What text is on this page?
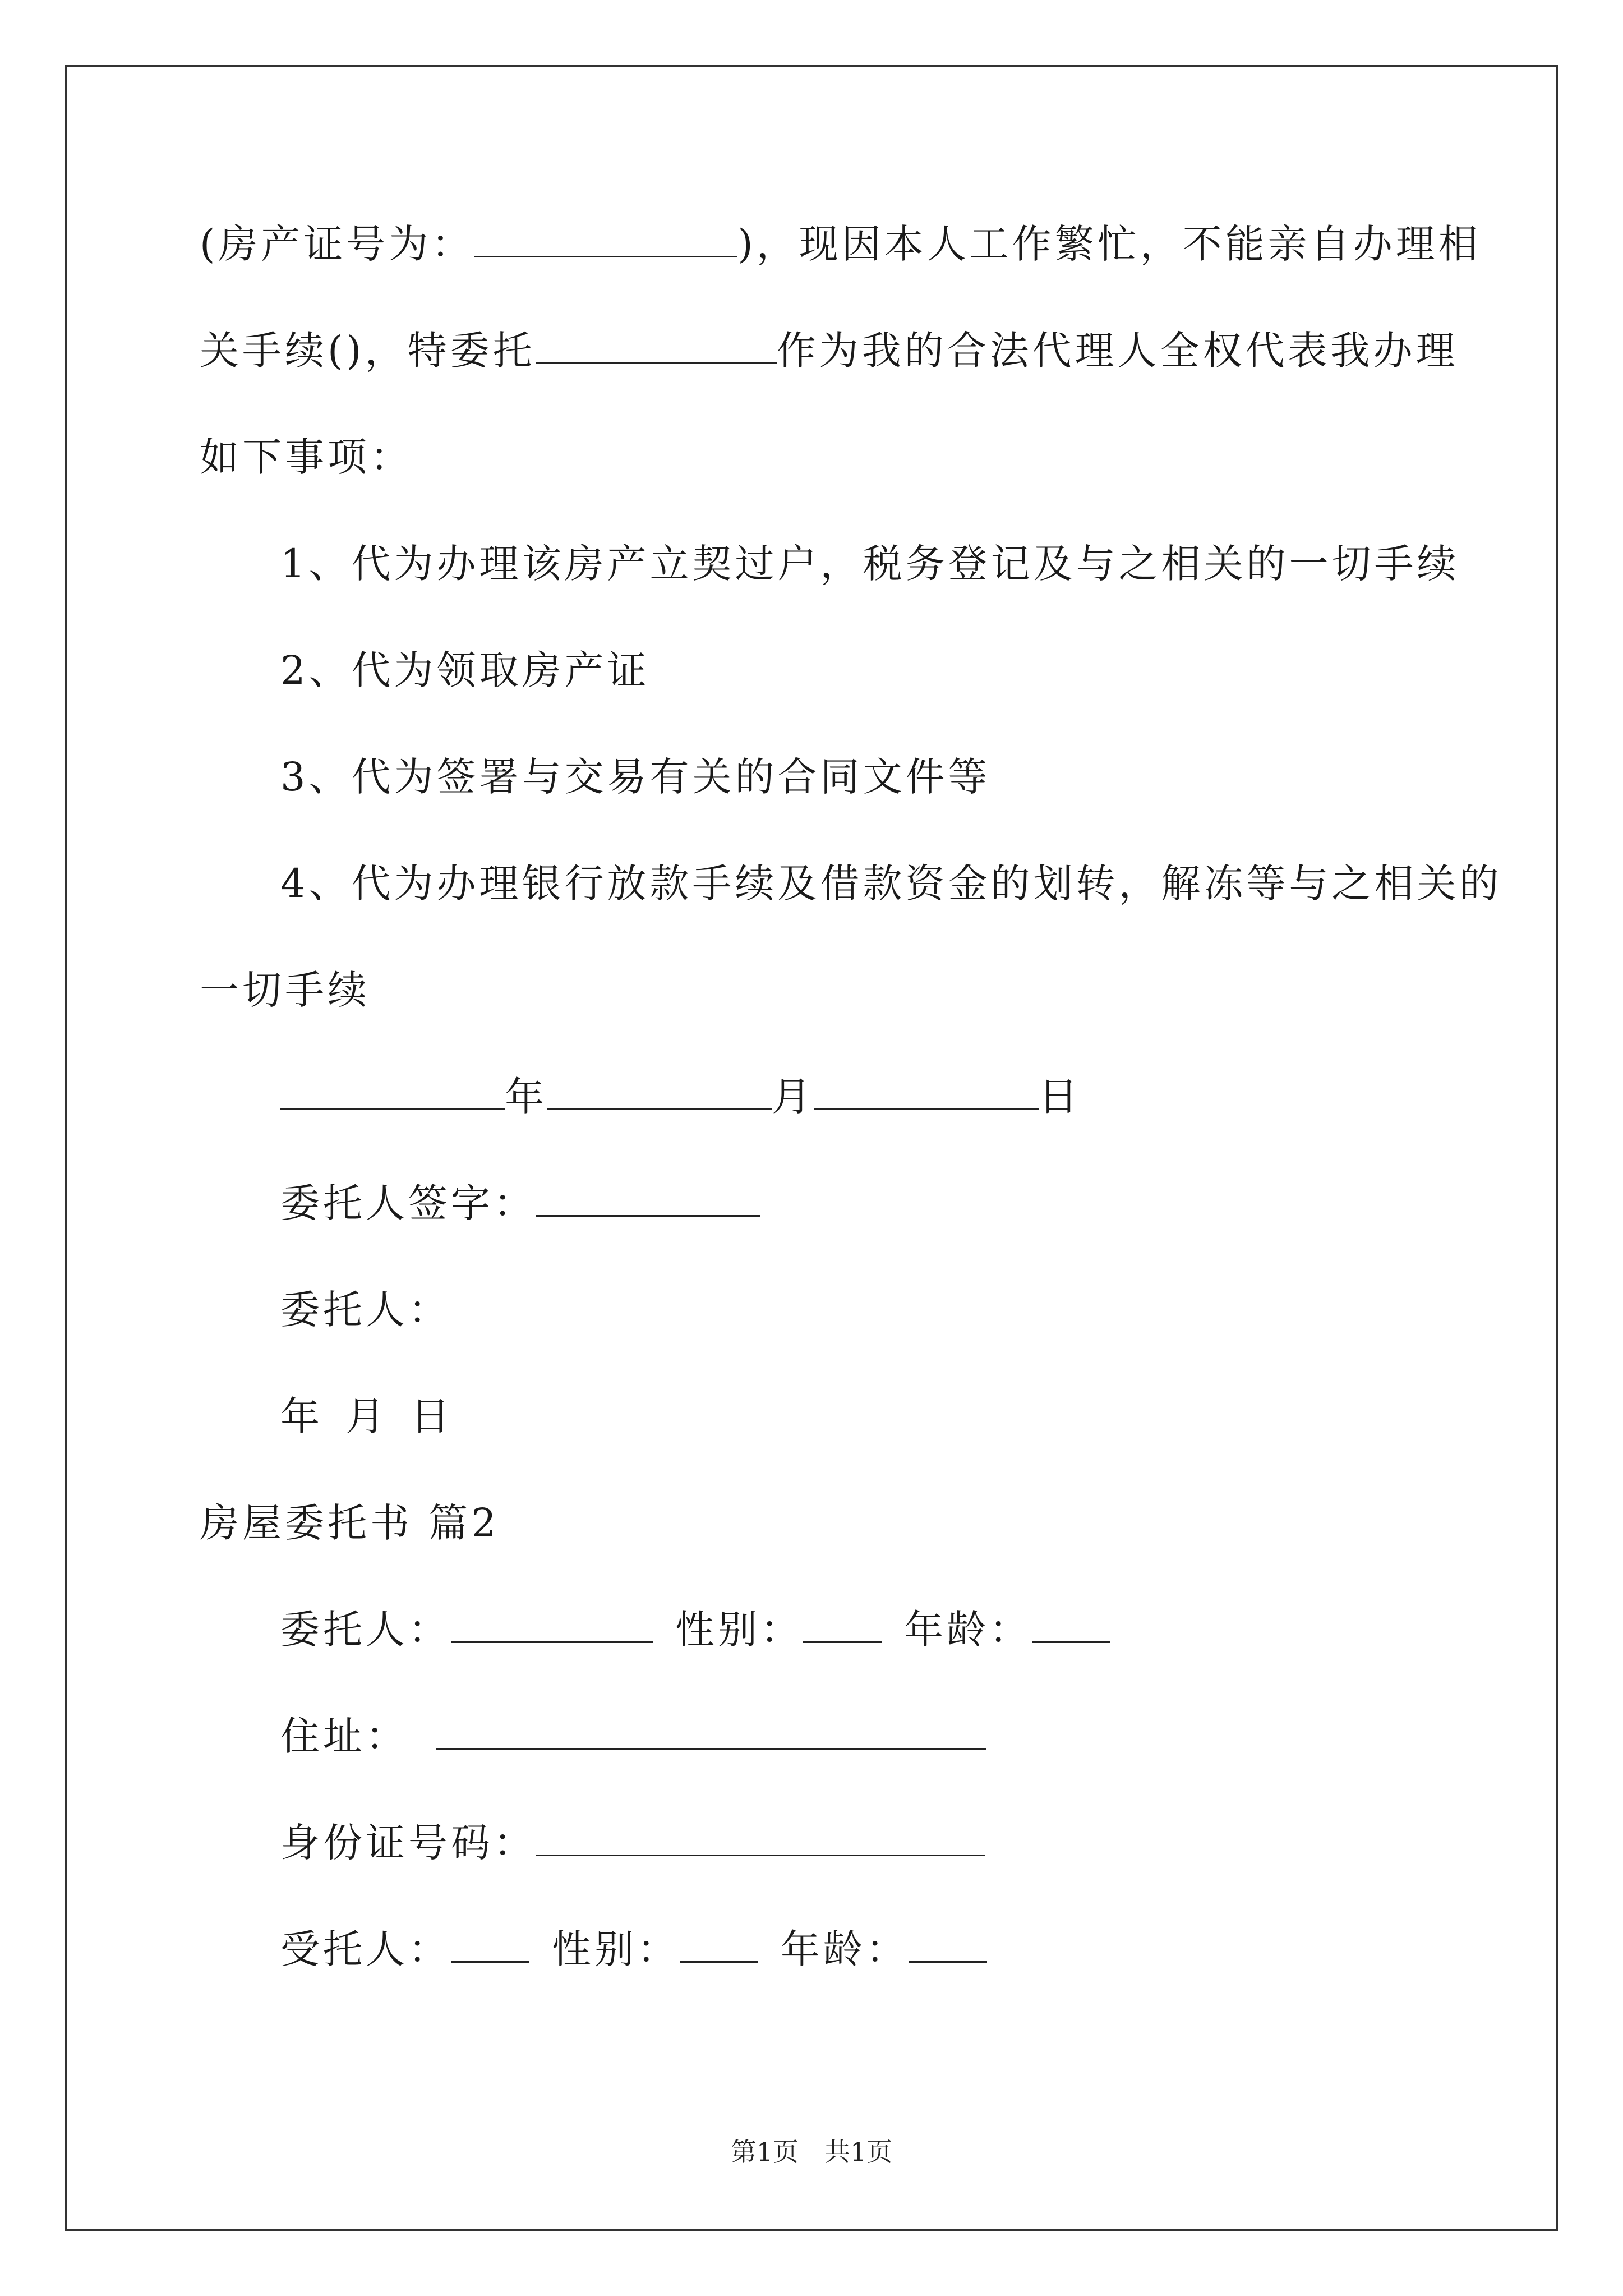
(房产证号为：	)，现因本人工作繁忙，不能亲自办理相
关手续()，特委托	作为我的合法代理人全权代表我办理
如下事项：
1、代为办理该房产立契过户，税务登记及与之相关的一切手续
2、代为领取房产证
3、代为签署与交易有关的合同文件等
4、代为办理银行放款手续及借款资金的划转，解冻等与之相关的
一切手续
年	月	日
委托人签字：
委托人：
年 月 日
房屋委托书 篇2
委托人：	性别：	年龄：
住址：
身份证号码：
受托人：	性别：	年龄：
第1页　共1页
